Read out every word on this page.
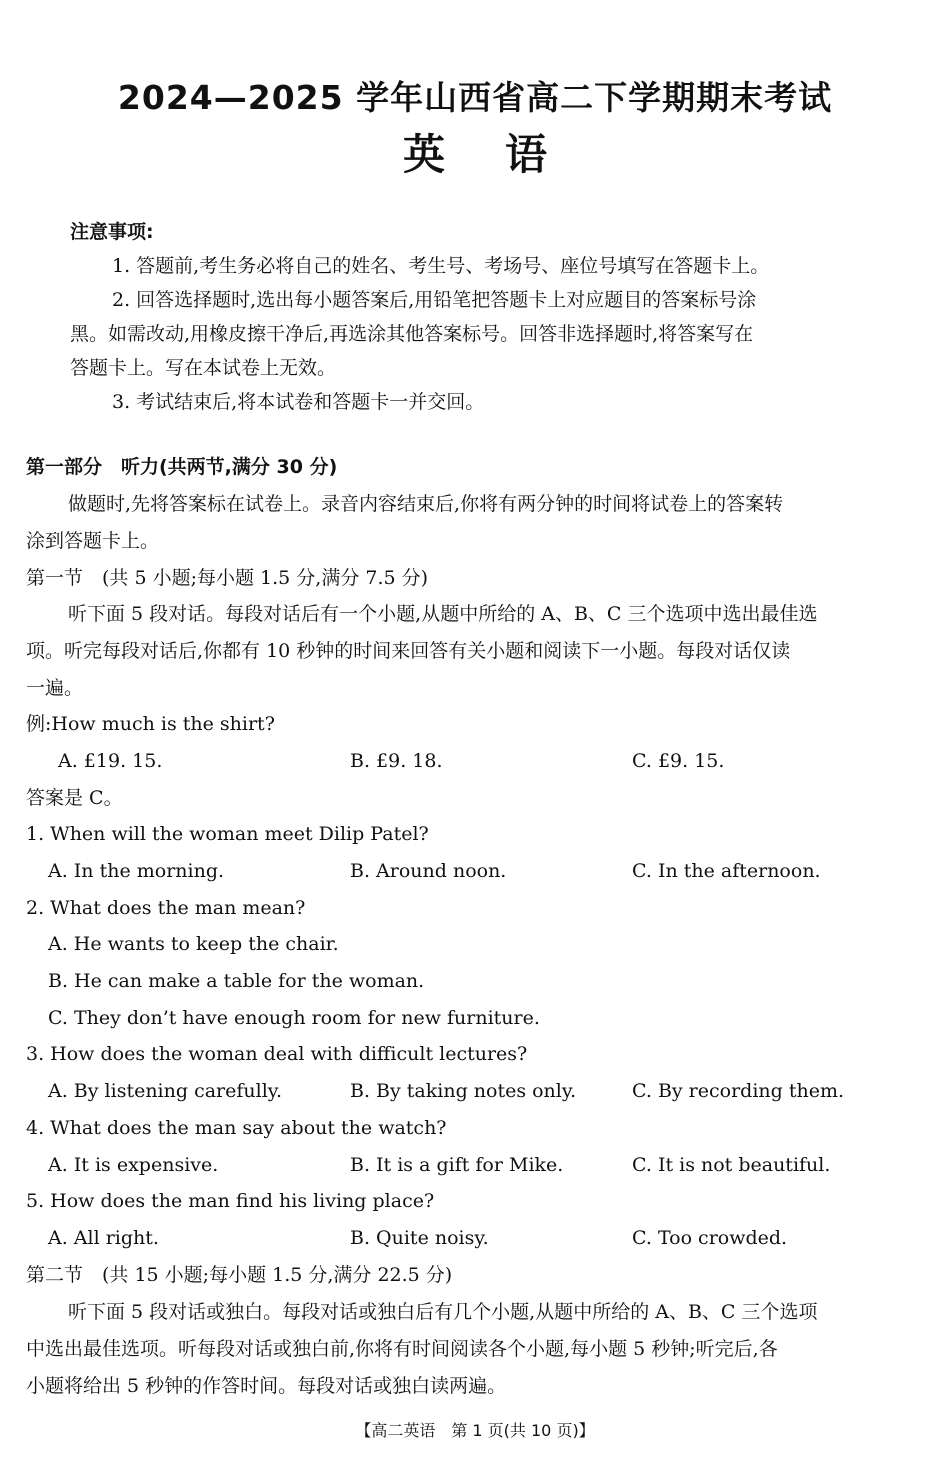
2024—2025 学年山西省高二下学期期末考试
英语
注意事项:
1. 答题前,考生务必将自己的姓名、考生号、考场号、座位号填写在答题卡上。
2. 回答选择题时,选出每小题答案后,用铅笔把答题卡上对应题目的答案标号涂
黑。如需改动,用橡皮擦干净后,再选涂其他答案标号。回答非选择题时,将答案写在
答题卡上。写在本试卷上无效。
3. 考试结束后,将本试卷和答题卡一并交回。
第一部分　听力(共两节,满分 30 分)
做题时,先将答案标在试卷上。录音内容结束后,你将有两分钟的时间将试卷上的答案转
涂到答题卡上。
第一节　(共 5 小题;每小题 1.5 分,满分 7.5 分)
听下面 5 段对话。每段对话后有一个小题,从题中所给的 A、B、C 三个选项中选出最佳选
项。听完每段对话后,你都有 10 秒钟的时间来回答有关小题和阅读下一小题。每段对话仅读
一遍。
例:How much is the shirt?
A. £19. 15.	B. £9. 18.	C. £9. 15.
答案是 C。
1. When will the woman meet Dilip Patel?
A. In the morning.	B. Around noon.	C. In the afternoon.
2. What does the man mean?
A. He wants to keep the chair.
B. He can make a table for the woman.
C. They don’t have enough room for new furniture.
3. How does the woman deal with difficult lectures?
A. By listening carefully.	B. By taking notes only.	C. By recording them.
4. What does the man say about the watch?
A. It is expensive.	B. It is a gift for Mike.	C. It is not beautiful.
5. How does the man find his living place?
A. All right.	B. Quite noisy.	C. Too crowded.
第二节　(共 15 小题;每小题 1.5 分,满分 22.5 分)
听下面 5 段对话或独白。每段对话或独白后有几个小题,从题中所给的 A、B、C 三个选项
中选出最佳选项。听每段对话或独白前,你将有时间阅读各个小题,每小题 5 秒钟;听完后,各
小题将给出 5 秒钟的作答时间。每段对话或独白读两遍。
【高二英语　第 1 页(共 10 页)】
